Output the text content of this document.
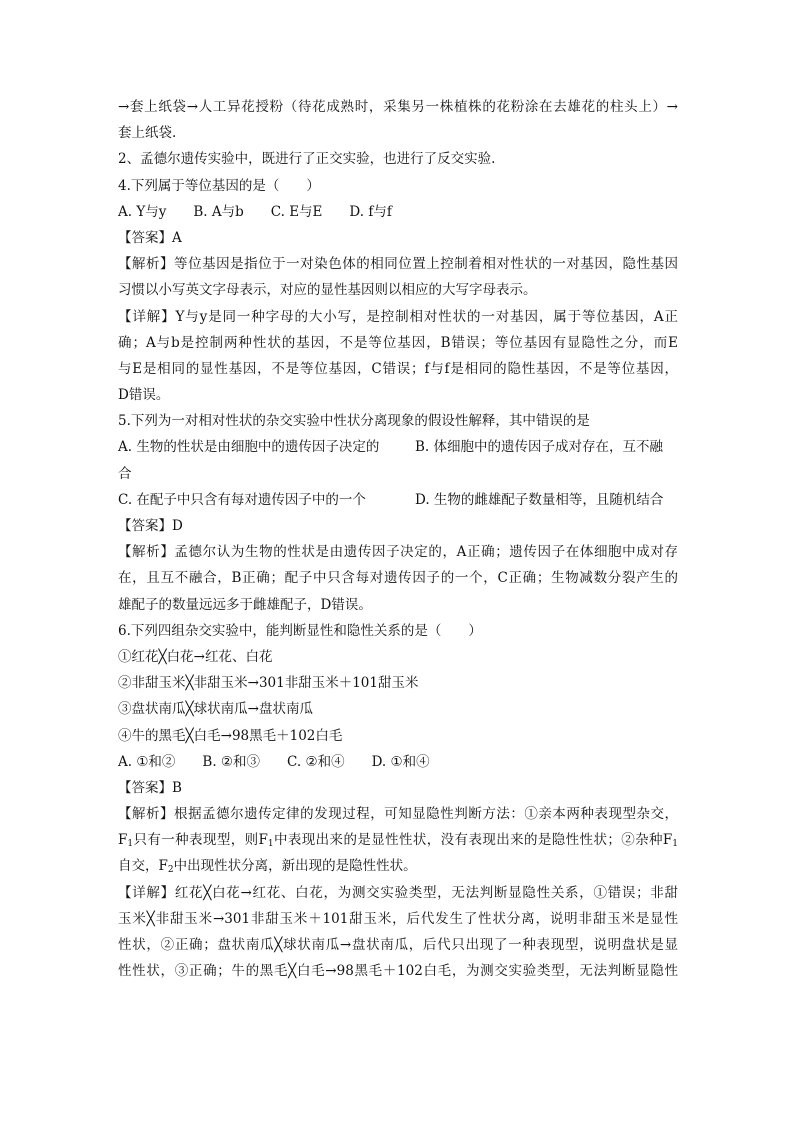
→套上纸袋→人工异花授粉（待花成熟时，采集另一株植株的花粉涂在去雄花的柱头上）→
套上纸袋.
2、孟德尔遗传实验中，既进行了正交实验，也进行了反交实验.
4.下列属于等位基因的是（　　）
A. Y与y　　B. A与b　　C. E与E　　D. f与f
【答案】A
【解析】等位基因是指位于一对染色体的相同位置上控制着相对性状的一对基因，隐性基因
习惯以小写英文字母表示，对应的显性基因则以相应的大写字母表示。
【详解】Y与y是同一种字母的大小写，是控制相对性状的一对基因，属于等位基因，A正
确；A与b是控制两种性状的基因，不是等位基因，B错误；等位基因有显隐性之分，而E
与E是相同的显性基因，不是等位基因，C错误；f与f是相同的隐性基因，不是等位基因，
D错误。
5.下列为一对相对性状的杂交实验中性状分离现象的假设性解释，其中错误的是
A. 生物的性状是由细胞中的遗传因子决定的	B. 体细胞中的遗传因子成对存在，互不融
合
C. 在配子中只含有每对遗传因子中的一个	D. 生物的雌雄配子数量相等，且随机结合
【答案】D
【解析】孟德尔认为生物的性状是由遗传因子决定的，A正确；遗传因子在体细胞中成对存
在，且互不融合，B正确；配子中只含每对遗传因子的一个，C正确；生物减数分裂产生的
雄配子的数量远远多于雌雄配子，D错误。
6.下列四组杂交实验中，能判断显性和隐性关系的是（　　）
①红花╳白花→红花、白花
②非甜玉米╳非甜玉米→301非甜玉米＋101甜玉米
③盘状南瓜╳球状南瓜→盘状南瓜
④牛的黑毛╳白毛→98黑毛＋102白毛
A. ①和②　　B. ②和③　　C. ②和④　　D. ①和④
【答案】B
【解析】根据孟德尔遗传定律的发现过程，可知显隐性判断方法：①亲本两种表现型杂交，
$F_1$只有一种表现型，则$F_1$中表现出来的是显性性状，没有表现出来的是隐性性状；②杂种$F_1$
自交，$F_2$中出现性状分离，新出现的是隐性性状。
【详解】红花╳白花→红花、白花，为测交实验类型，无法判断显隐性关系，①错误；非甜
玉米╳非甜玉米→301非甜玉米＋101甜玉米，后代发生了性状分离，说明非甜玉米是显性
性状，②正确；盘状南瓜╳球状南瓜→盘状南瓜，后代只出现了一种表现型，说明盘状是显
性性状，③正确；牛的黑毛╳白毛→98黑毛＋102白毛，为测交实验类型，无法判断显隐性
